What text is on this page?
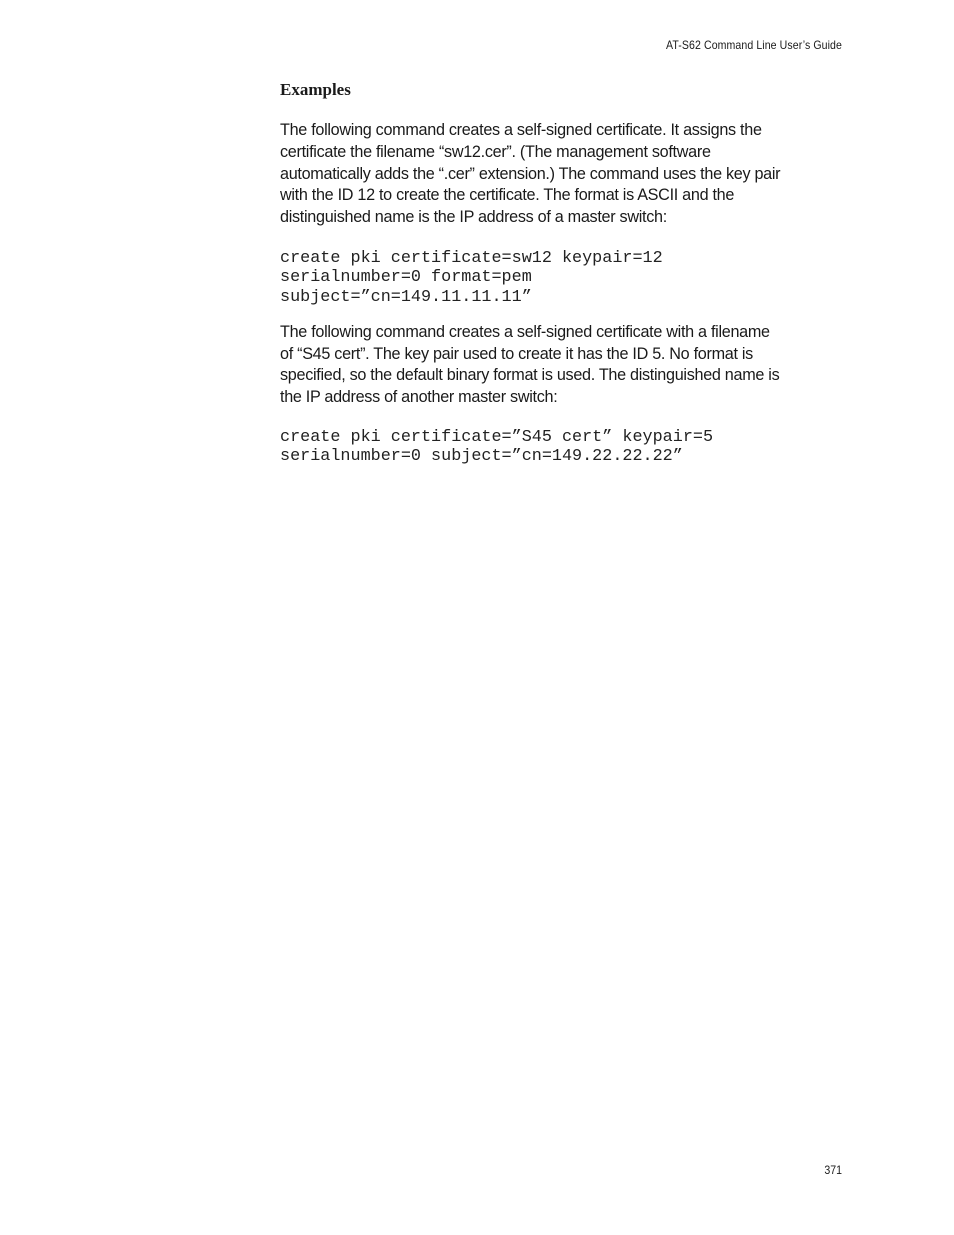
AT-S62 Command Line User’s Guide
Examples

The following command creates a self-signed certificate. It assigns the
certificate the filename “sw12.cer”. (The management software
automatically adds the “.cer” extension.) The command uses the key pair
with the ID 12 to create the certificate. The format is ASCII and the
distinguished name is the IP address of a master switch:

create pki certificate=sw12 keypair=12
serialnumber=0 format=pem
subject=”cn=149.11.11.11”

The following command creates a self-signed certificate with a filename
of “S45 cert”. The key pair used to create it has the ID 5. No format is
specified, so the default binary format is used. The distinguished name is
the IP address of another master switch:

create pki certificate=”S45 cert” keypair=5
serialnumber=0 subject=”cn=149.22.22.22”
371
